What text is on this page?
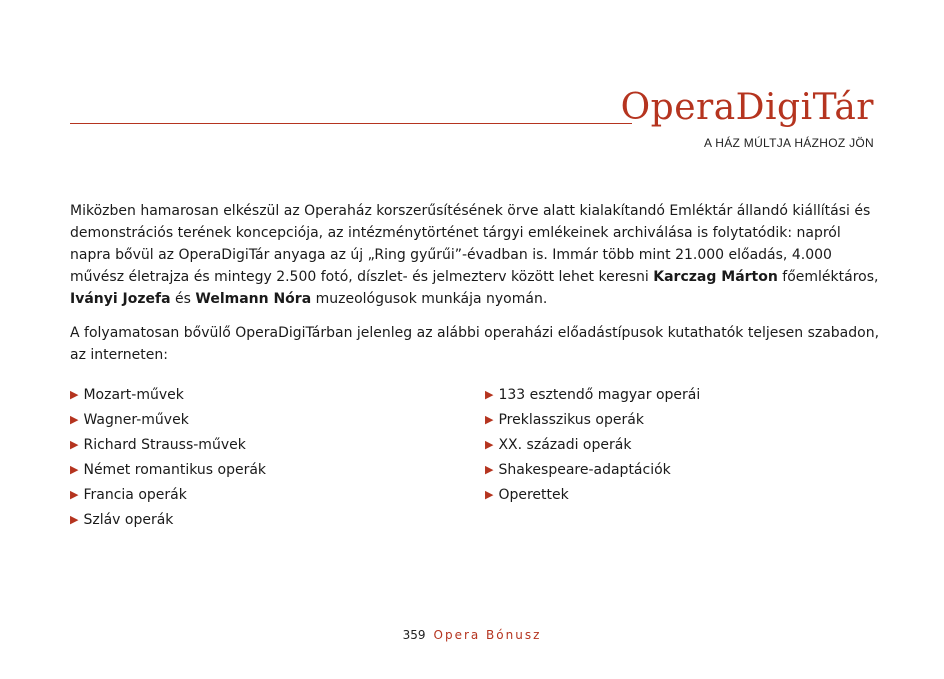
OperaDigiTár
A HÁZ MÚLTJA HÁZHOZ JÖN

Miközben hamarosan elkészül az Operaház korszerűsítésének örve alatt kialakítandó Emléktár állandó kiállítási és demonstrációs terének koncepciója, az intézménytörténet tárgyi emlékeinek archiválása is folytatódik: napról napra bővül az OperaDigiTár anyaga az új „Ring gyűrűi”-évadban is. Immár több mint 21.000 előadás, 4.000 művész életrajza és mintegy 2.500 fotó, díszlet- és jelmezterv között lehet keresni Karczag Márton főemléktáros, Iványi Jozefa és Welmann Nóra muzeológusok munkája nyomán.

A folyamatosan bővülő OperaDigiTárban jelenleg az alábbi operaházi előadástípusok kutathatók teljesen szabadon, az interneten:

▶ Mozart-művek
▶ Wagner-művek
▶ Richard Strauss-művek
▶ Német romantikus operák
▶ Francia operák
▶ Szláv operák
▶ 133 esztendő magyar operái
▶ Preklasszikus operák
▶ XX. századi operák
▶ Shakespeare-adaptációk
▶ Operettek
359 Opera Bónusz
